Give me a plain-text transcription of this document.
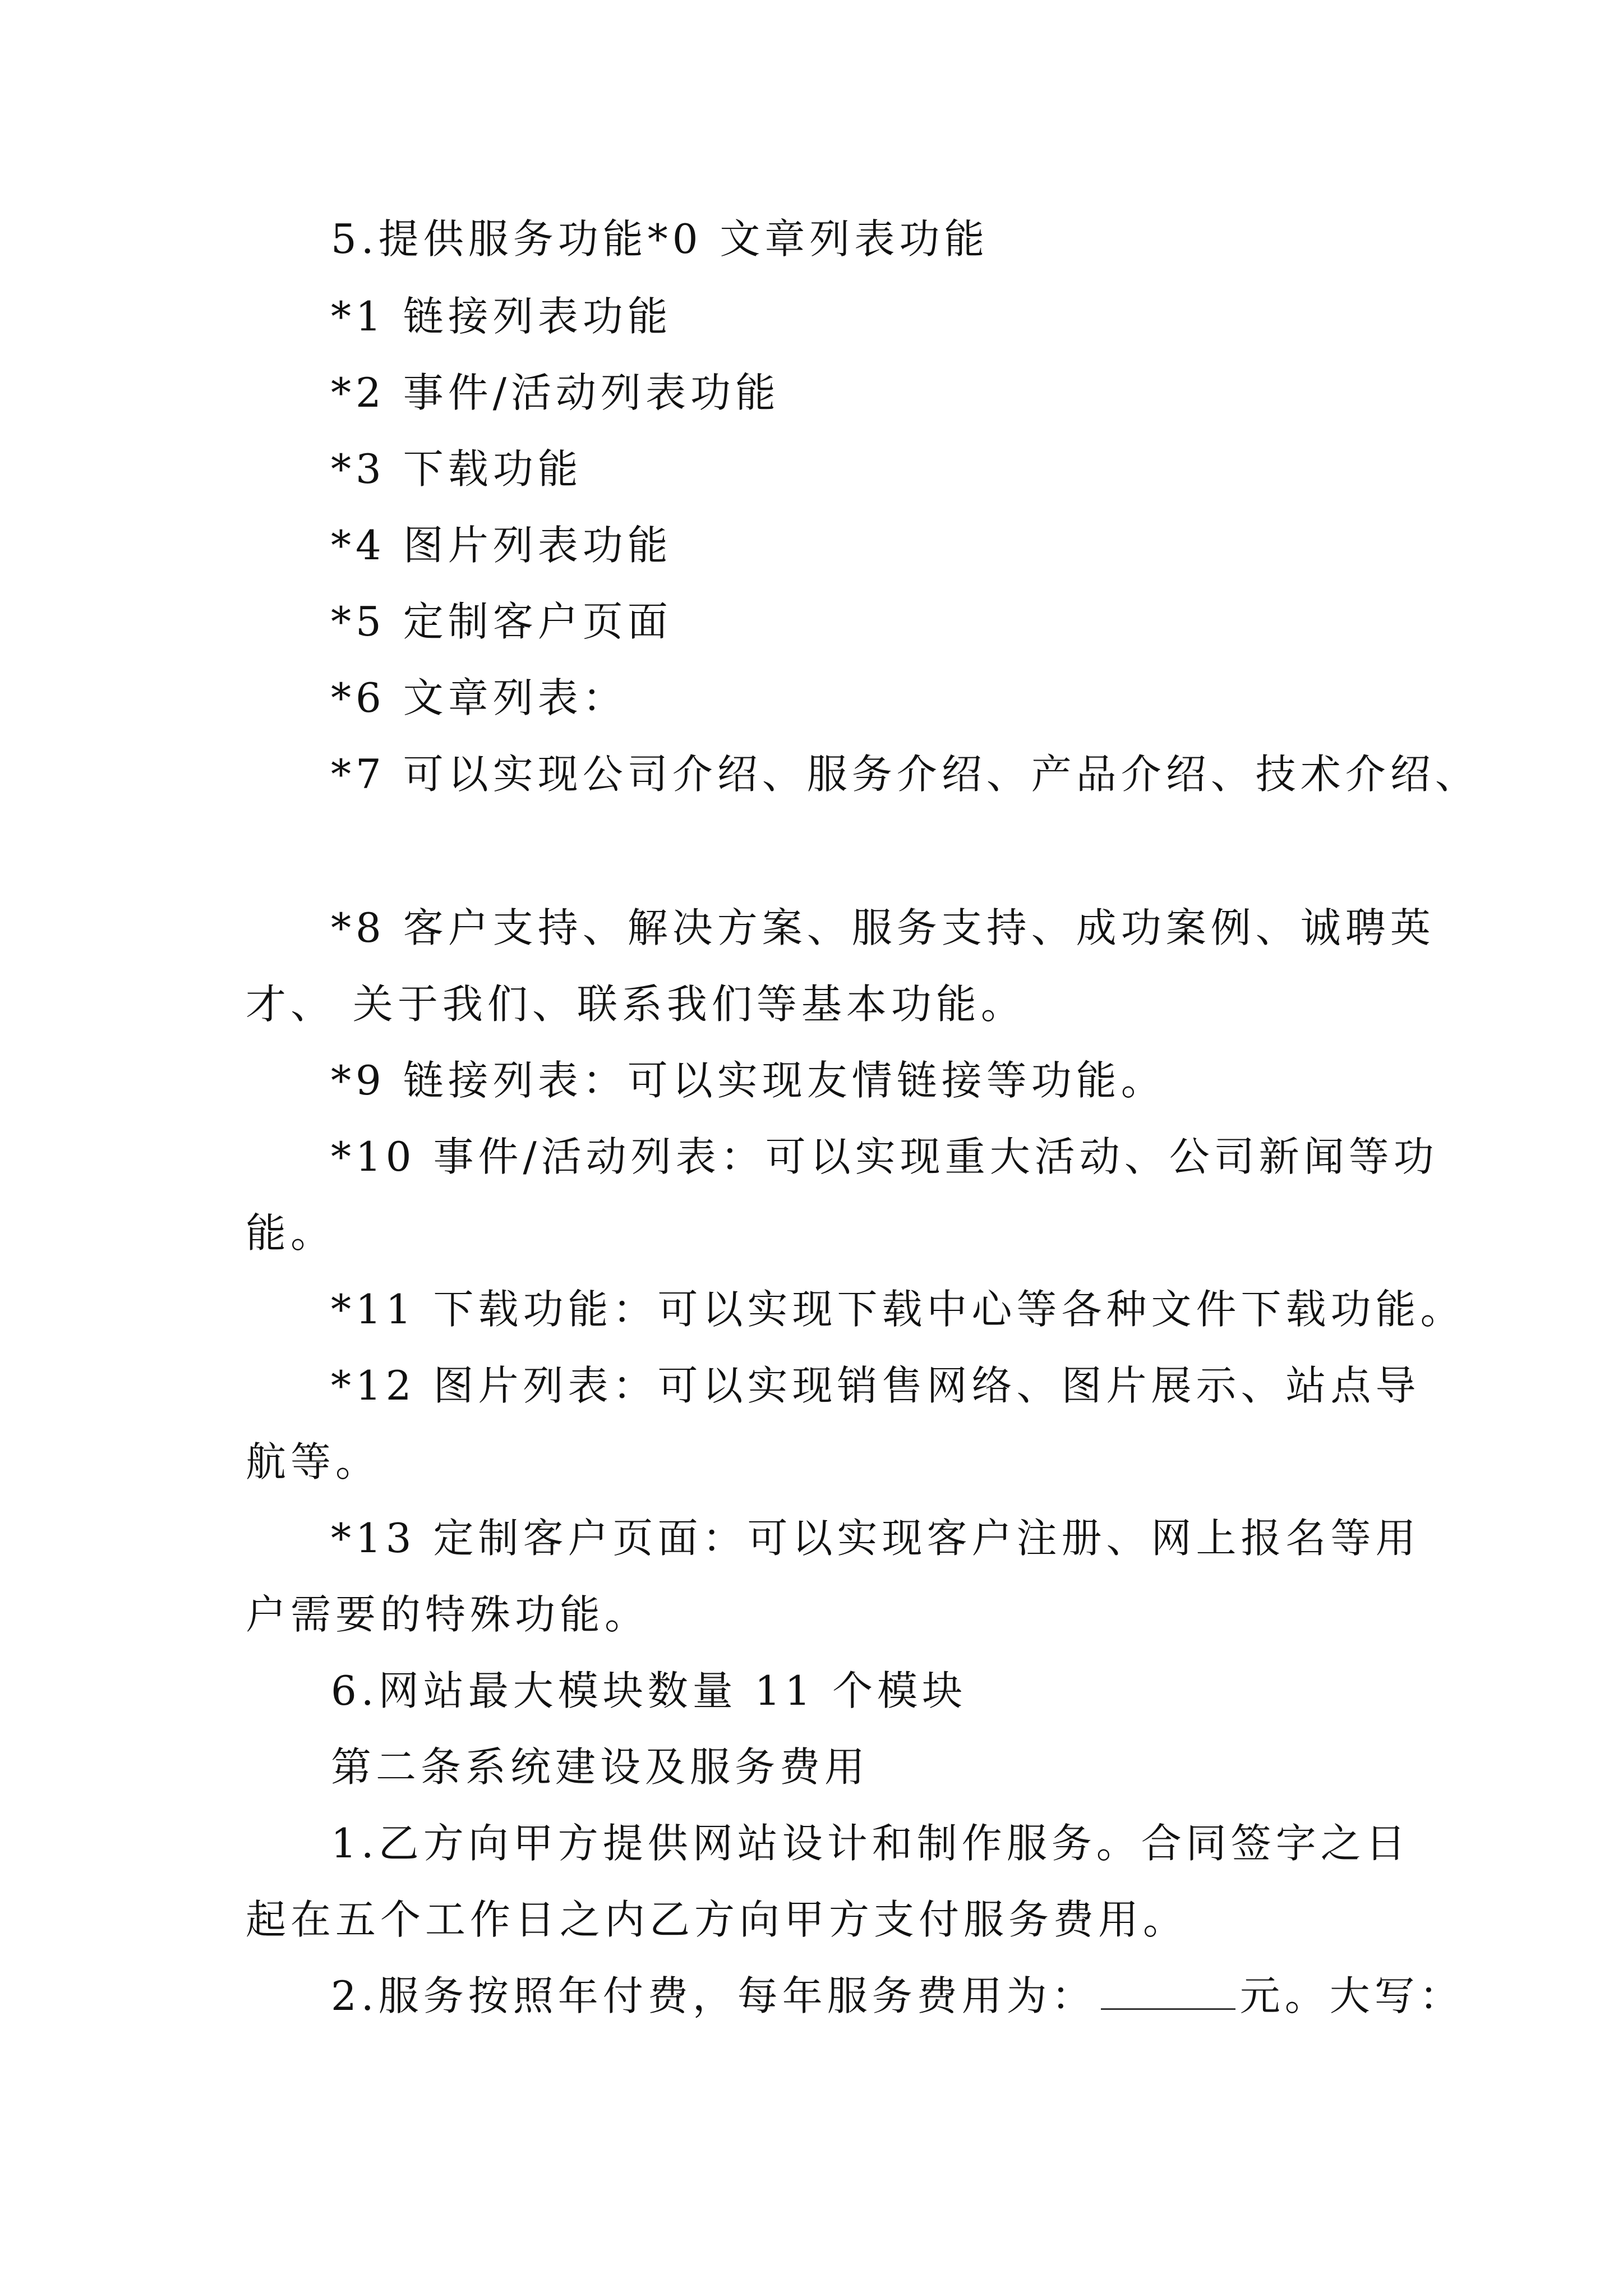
5.提供服务功能*0 文章列表功能

*1 链接列表功能

*2 事件/活动列表功能

*3 下载功能

*4 图片列表功能

*5 定制客户页面

*6 文章列表：

*7 可以实现公司介绍、服务介绍、产品介绍、技术介绍、

*8 客户支持、解决方案、服务支持、成功案例、诚聘英

才、 关于我们、联系我们等基本功能。

*9 链接列表：可以实现友情链接等功能。

*10 事件/活动列表：可以实现重大活动、公司新闻等功

能。

*11 下载功能：可以实现下载中心等各种文件下载功能。

*12 图片列表：可以实现销售网络、图片展示、站点导

航等。

*13 定制客户页面：可以实现客户注册、网上报名等用

户需要的特殊功能。

6.网站最大模块数量 11 个模块

第二条系统建设及服务费用

1.乙方向甲方提供网站设计和制作服务。合同签字之日

起在五个工作日之内乙方向甲方支付服务费用。

2.服务按照年付费，每年服务费用为：	元。大写：
